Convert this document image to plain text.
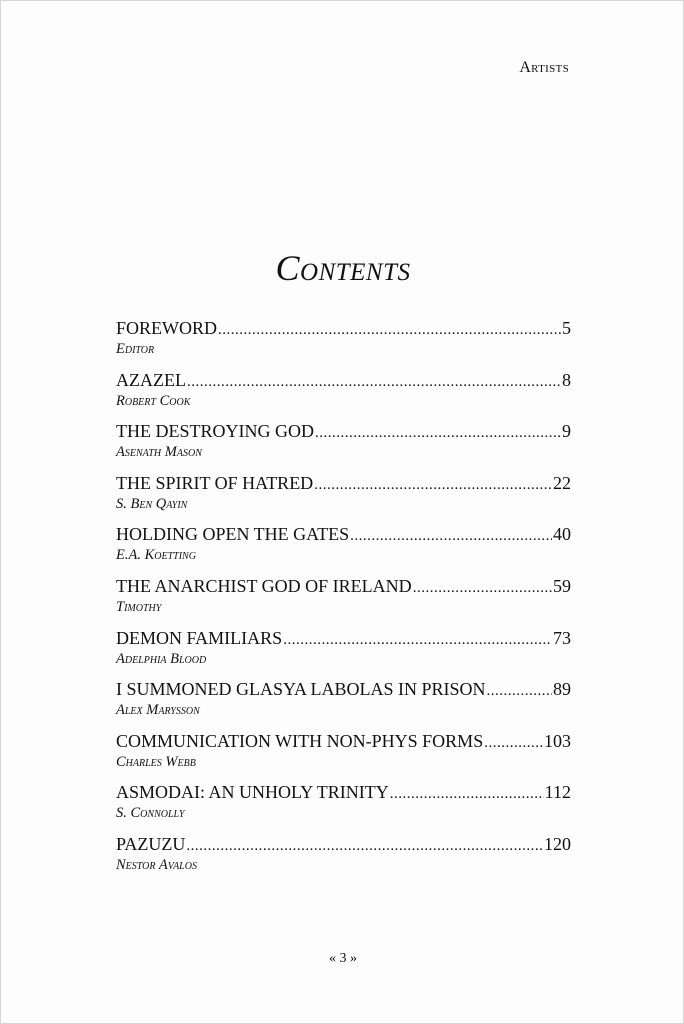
Artists
Contents
FOREWORD .....	5
Editor
AZAZEL .....	8
Robert Cook
THE DESTROYING GOD .....	9
Asenath Mason
THE SPIRIT OF HATRED .....	22
S. Ben Qayin
HOLDING OPEN THE GATES .....	40
E.A. Koetting
THE ANARCHIST GOD OF IRELAND .....	59
Timothy
DEMON FAMILIARS .....	73
Adelphia Blood
I SUMMONED GLASYA LABOLAS IN PRISON .....	89
Alex Marysson
COMMUNICATION WITH NON-PHYS FORMS .....	103
Charles Webb
ASMODAI: AN UNHOLY TRINITY .....	112
S. Connolly
PAZUZU .....	120
Nestor Avalos
« 3 »
